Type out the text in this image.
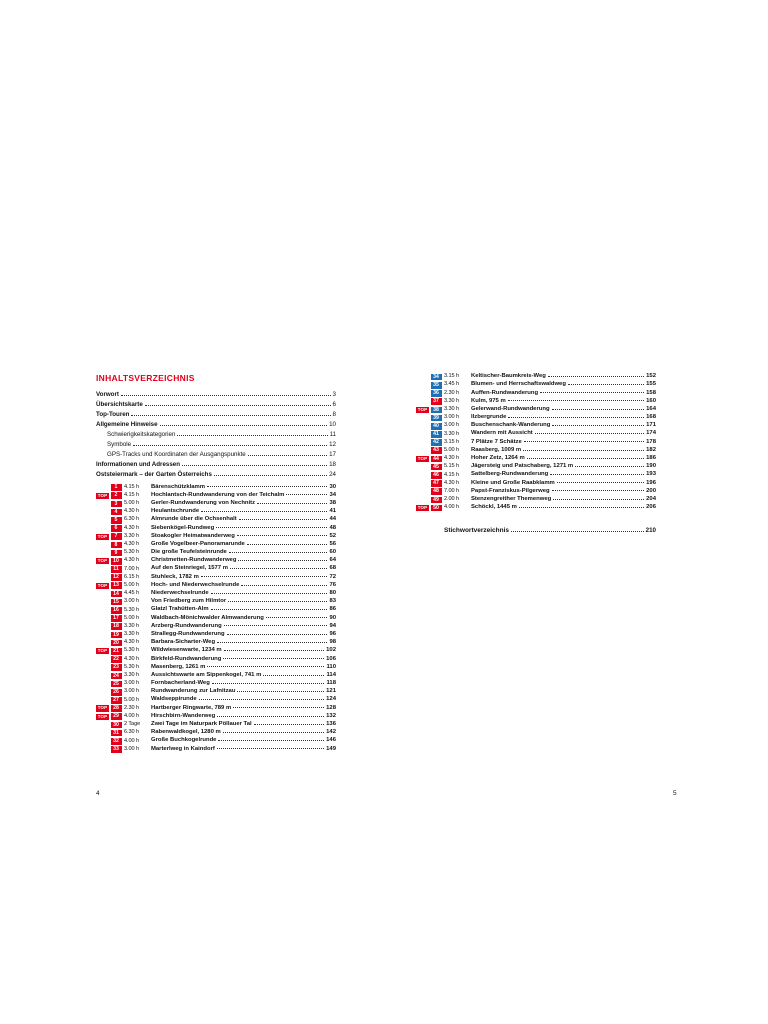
INHALTSVERZEICHNIS
Vorwort	3
Übersichtskarte	6
Top-Touren	8
Allgemeine Hinweise	10
Schwierigkeitskategorien	11
Symbole	12
GPS-Tracks und Koordinaten der Ausgangspunkte	17
Informationen und Adressen	18
Oststeiermark – der Garten Österreichs	24
1	4.15 h	Bärenschützklamm	30
TOP	2	4.15 h	Hochlantsch-Rundwanderung von der Teichalm	34
3	5.00 h	Gerler-Rundwanderung von Nechnitz	38
4	4.30 h	Heulantschrunde	41
5	6.30 h	Almrunde über die Ochsenhalt	44
6	4.30 h	Siebenkögel-Rundweg	48
TOP	7	3.30 h	Stoakogler Heimatwanderweg	52
8	4.30 h	Große Vogelbeer-Panoramarunde	56
9	5.30 h	Die große Teufelsteinrunde	60
TOP	10 4.30 h	Christmetten-Rundwanderweg	64
11 7.00 h	Auf den Steinriegel, 1577 m	68
12 6.15 h	Stuhleck, 1782 m	72
TOP	13 5.00 h	Hoch- und Niederwechselrunde	76
14 4.45 h	Niederwechselrunde	80
15 3.00 h	Von Friedberg zum Hilmtor	83
16 5.30 h	Glatzl Trahütten-Alm	86
17 5.00 h	Waldbach-Mönichwalder Almwanderung	90
18 3.30 h	Arzberg-Rundwanderung	94
19 3.30 h	Strallegg-Rundwanderung	96
20 4.30 h	Barbara-Sicharter-Weg	98
TOP	21 5.30 h	Wildwiesenwarte, 1234 m	102
22 4.30 h	Birkfeld-Rundwanderung	106
23 5.30 h	Masenberg, 1261 m	110
24 3.30 h	Aussichtswarte am Sippenkogel, 741 m	114
25 3.00 h	Fornbacherland-Weg	118
26 3.00 h	Rundwanderung zur Lafnitzau	121
27 5.00 h	Waldseppirunde	124
TOP	28 2.30 h	Hartberger Ringwarte, 789 m	128
TOP	29 4.00 h	Hirschbirn-Wanderweg	132
30 2 Tage	Zwei Tage im Naturpark Pöllauer Tal	136
31 6.30 h	Rabenwaldkogel, 1280 m	142
32 4.00 h	Große Buchkogelrunde	146
33 3.00 h	Marterlweg in Kaindorf	149
34 3.15 h	Keltischer-Baumkreis-Weg	152
35 3.45 h	Blumen- und Herrschaftswaldweg	155
36 2.30 h	Auffen-Rundwanderung	158
37 3.30 h	Kulm, 975 m	160
TOP	38 3.30 h	Gelerwand-Rundwanderung	164
39 3.00 h	Ilzbergrunde	168
40 3.00 h	Buschenschank-Wanderung	171
41 3.30 h	Wandern mit Aussicht	174
42 3.15 h	7 Plätze 7 Schätze	178
43 5.00 h	Raasberg, 1009 m	182
TOP	44 4.30 h	Hoher Zetz, 1264 m	186
45 5.15 h	Jägersteig und Patschaberg, 1271 m	190
46 4.15 h	Sattelberg-Rundwanderung	193
47 4.30 h	Kleine und Große Raabklamm	196
48 7.00 h	Papst-Franziskus-Pilgerweg	200
49 2.00 h	Stenzengreither Themenweg	204
TOP	50 4.00 h	Schöckl, 1445 m	206
Stichwortverzeichnis	210
4	5
